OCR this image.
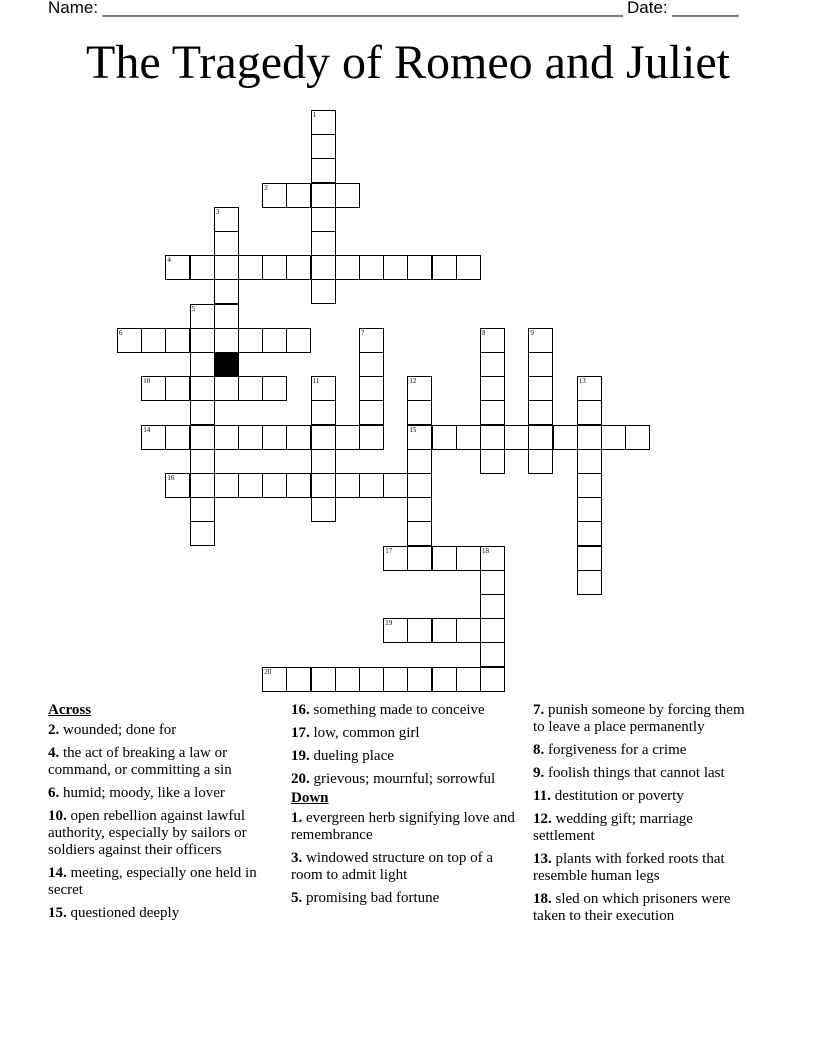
Name: _______________________________________________________ Date: _______
The Tragedy of Romeo and Juliet
2
4
6
10
14	15
16
17	18
19
20
1
3
5
7	8	9
11	12	13
Across
2. wounded; done for
4. the act of breaking a law or command, or committing a sin
6. humid; moody, like a lover
10. open rebellion against lawful authority, especially by sailors or soldiers against their officers
14. meeting, especially one held in secret
15. questioned deeply
16. something made to conceive
17. low, common girl
19. dueling place
20. grievous; mournful; sorrowful
Down
1. evergreen herb signifying love and remembrance
3. windowed structure on top of a room to admit light
5. promising bad fortune
7. punish someone by forcing them to leave a place permanently
8. forgiveness for a crime
9. foolish things that cannot last
11. destitution or poverty
12. wedding gift; marriage settlement
13. plants with forked roots that resemble human legs
18. sled on which prisoners were taken to their execution
